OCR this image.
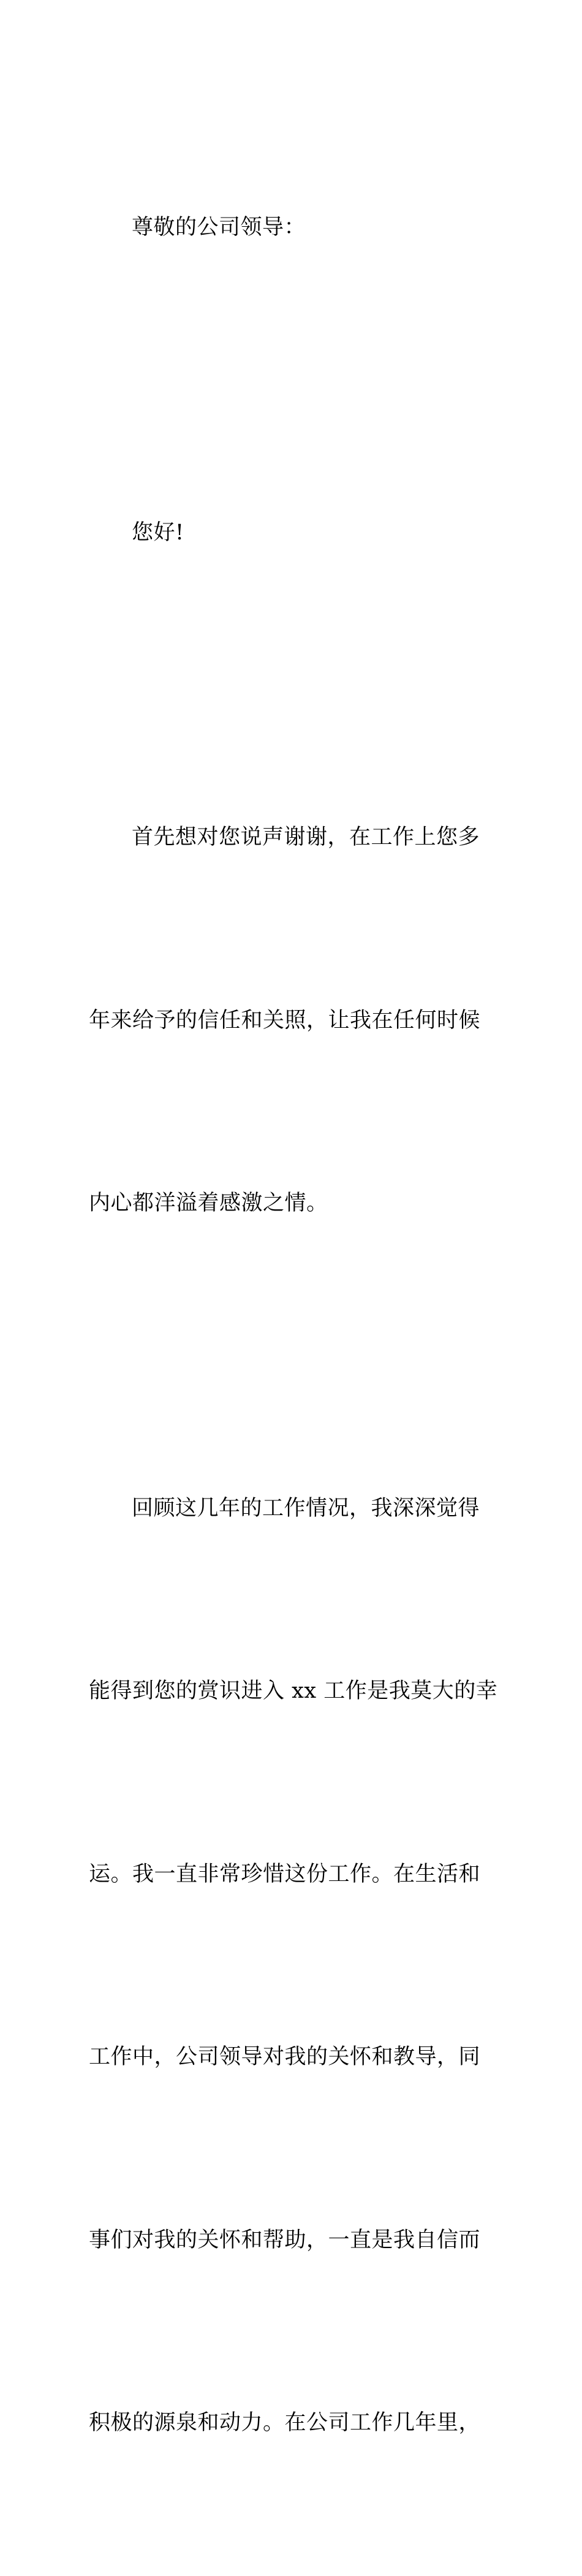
尊敬的公司领导：

您好!

首先想对您说声谢谢，在工作上您多

年来给予的信任和关照，让我在任何时候

内心都洋溢着感激之情。

回顾这几年的工作情况，我深深觉得

能得到您的赏识进入 xx 工作是我莫大的幸

运。我一直非常珍惜这份工作。在生活和

工作中，公司领导对我的关怀和教导，同

事们对我的关怀和帮助，一直是我自信而

积极的源泉和动力。在公司工作几年里，
